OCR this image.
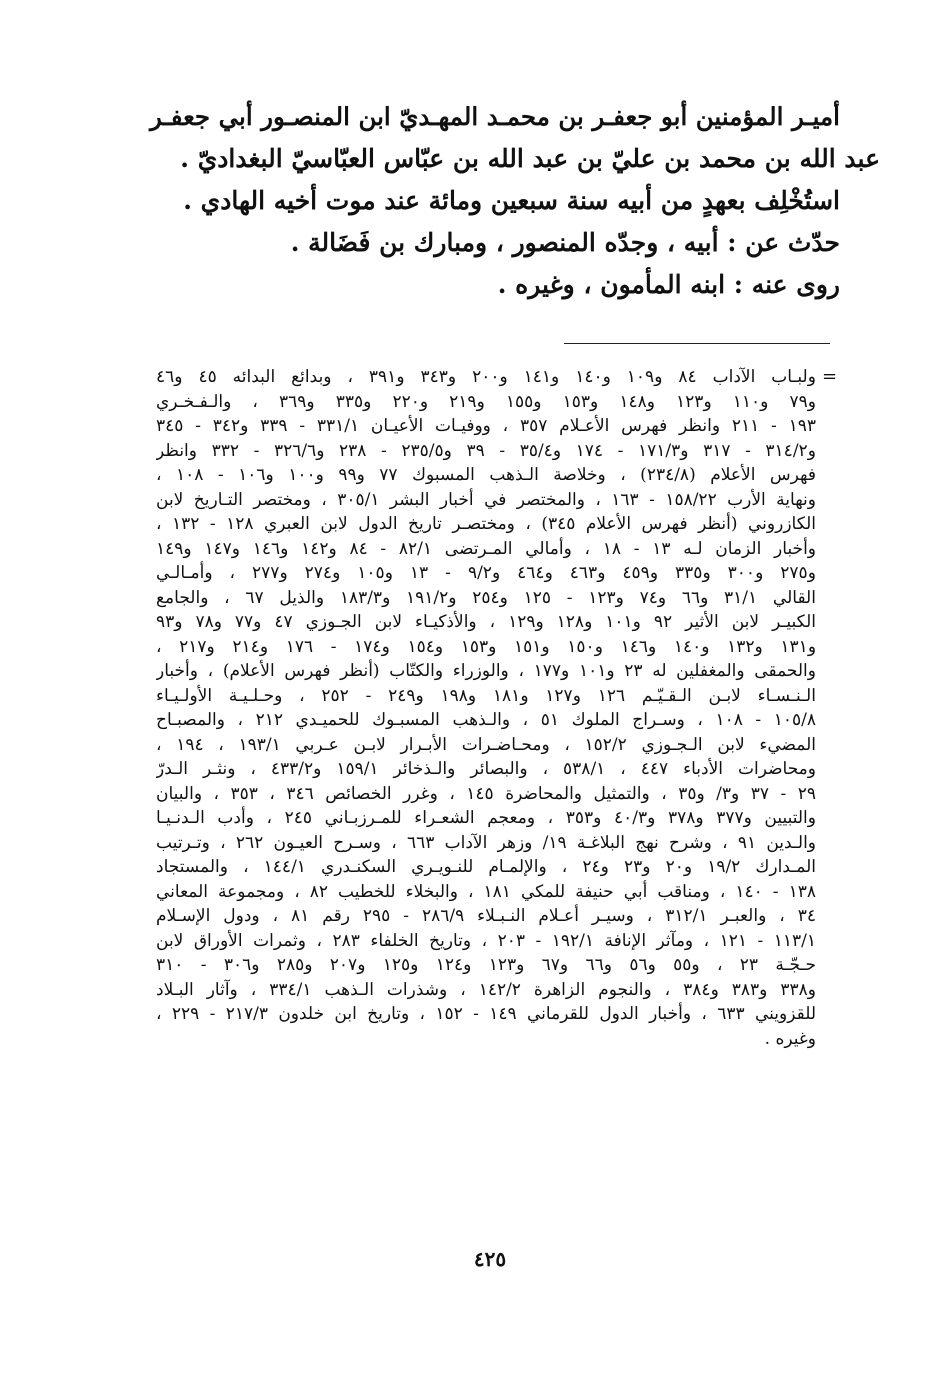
أميـر المؤمنين أبو جعفـر بن محمـد المهـديّ ابن المنصـور أبي جعفـر
عبد الله بن محمد بن عليّ بن عبد الله بن عبّاس العبّاسيّ البغداديّ .
استُخْلِف بعهدٍ من أبيه سنة سبعين ومائة عند موت أخيه الهادي .
حدّث عن : أبيه ، وجدّه المنصور ، ومبارك بن فَضَالة .
روى عنه : ابنه المأمون ، وغيره .
=
ولبـاب الآداب ٨٤ و١٠٩ و١٤٠ و١٤١ و٢٠٠ و٣٤٣ و٣٩١ ، وبدائع البدائه ٤٥ و٤٦
و٧٩ و١١٠ و١٢٣ و١٤٨ و١٥٣ و١٥٥ و٢١٩ و٢٢٠ و٣٣٥ و٣٦٩ ، والـفـخـري
١٩٣ - ٢١١ وانظر فهرس الأعـلام ٣٥٧ ، ووفيـات الأعيـان ٣٣١/١ - ٣٣٩ و٣٤٢ - ٣٤٥
و٣١٤/٢ - ٣١٧ و١٧١/٣ - ١٧٤ و٣٥/٤ - ٣٩ و٢٣٥/٥ - ٢٣٨ و٣٢٦/٦ - ٣٣٢ وانظر
فهرس الأعلام (٢٣٤/٨) ، وخلاصة الـذهب المسبوك ٧٧ و٩٩ و١٠٠ و١٠٦ - ١٠٨ ،
ونهاية الأرب ١٥٨/٢٢ - ١٦٣ ، والمختصر في أخبار البشر ٣٠٥/١ ، ومختصر التـاريخ لابن
الكازروني (أنظر فهرس الأعلام ٣٤٥) ، ومختصـر تاريخ الدول لابن العبري ١٢٨ - ١٣٢ ،
وأخبار الزمان لـه ١٣ - ١٨ ، وأمالي المـرتضى ٨٢/١ - ٨٤ و١٤٢ و١٤٦ و١٤٧ و١٤٩
و٢٧٥ و٣٠٠ و٣٣٥ و٤٥٩ و٤٦٣ و٤٦٤ و٩/٢ - ١٣ و١٠٥ و٢٧٤ و٢٧٧ ، وأمـالـي
القالي ٣١/١ و٦٦ و٧٤ و١٢٣ - ١٢٥ و٢٥٤ و١٩١/٢ و١٨٣/٣ والذيل ٦٧ ، والجامع
الكبيـر لابن الأثير ٩٢ و١٠١ و١٢٨ و١٢٩ ، والأذكيـاء لابن الجـوزي ٤٧ و٧٧ و٧٨ و٩٣
و١٣١ و١٣٢ و١٤٠ و١٤٦ و١٥٠ و١٥١ و١٥٣ و١٥٤ و١٧٤ - ١٧٦ و٢١٤ و٢١٧ ،
والحمقى والمغفلين له ٢٣ و١٠١ و١٧٧ ، والوزراء والكتّاب (أنظر فهرس الأعلام) ، وأخبار
الـنـسـاء لابـن الـقـيّـم ١٢٦ و١٢٧ و١٨١ و١٩٨ و٢٤٩ - ٢٥٢ ، وحـلـيـة الأولـيـاء
١٠٥/٨ - ١٠٨ ، وسـراج الملوك ٥١ ، والـذهب المسبـوك للحميـدي ٢١٢ ، والمصبـاح
المضيء لابن الـجـوزي ١٥٢/٢ ، ومحـاضـرات الأبـرار لابـن عـربي ١٩٣/١ ، ١٩٤ ،
ومحاضرات الأدباء ٤٤٧ ، ٥٣٨/١ ، والبصائر والـذخائر ١٥٩/١ و٤٣٣/٢ ، ونثـر الـدرّ
٢٩ - ٣٧ و٣/ و٣٥ ، والتمثيل والمحاضرة ١٤٥ ، وغرر الخصائص ٣٤٦ ، ٣٥٣ ، والبيان
والتبيين و٣٧٧ و٣٧٨ و٤٠/٣ و٣٥٣ ، ومعجم الشعـراء للمـرزبـاني ٢٤٥ ، وأدب الـدنـيـا
والـدين ٩١ ، وشرح نهج البلاغـة ١٩/ وزهر الآداب ٦٦٣ ، وسـرح العيـون ٢٦٢ ، وتـرتيب
المـدارك ١٩/٢ و٢٠ و٢٣ و٢٤ ، والإلمـام للنـويـري السكنـدري ١٤٤/١ ، والمستجاد
١٣٨ - ١٤٠ ، ومناقب أبي حنيفة للمكي ١٨١ ، والبخلاء للخطيب ٨٢ ، ومجموعة المعاني
٣٤ ، والعبـر ٣١٢/١ ، وسيـر أعـلام النـبـلاء ٢٨٦/٩ - ٢٩٥ رقم ٨١ ، ودول الإسـلام
١١٣/١ - ١٢١ ، ومآثر الإنافة ١٩٢/١ - ٢٠٣ ، وتاريخ الخلفاء ٢٨٣ ، وثمرات الأوراق لابن
حـجّـة ٢٣ ، و٥٥ و٥٦ و٦٦ و٦٧ و١٢٣ و١٢٤ و١٢٥ و٢٠٧ و٢٨٥ و٣٠٦ - ٣١٠
و٣٣٨ و٣٨٣ و٣٨٤ ، والنجوم الزاهرة ١٤٢/٢ ، وشذرات الـذهب ٣٣٤/١ ، وآثار البـلاد
للقزويني ٦٣٣ ، وأخبار الدول للقرماني ١٤٩ - ١٥٢ ، وتاريخ ابن خلدون ٢١٧/٣ - ٢٢٩ ،
وغيره .
٤٢٥
